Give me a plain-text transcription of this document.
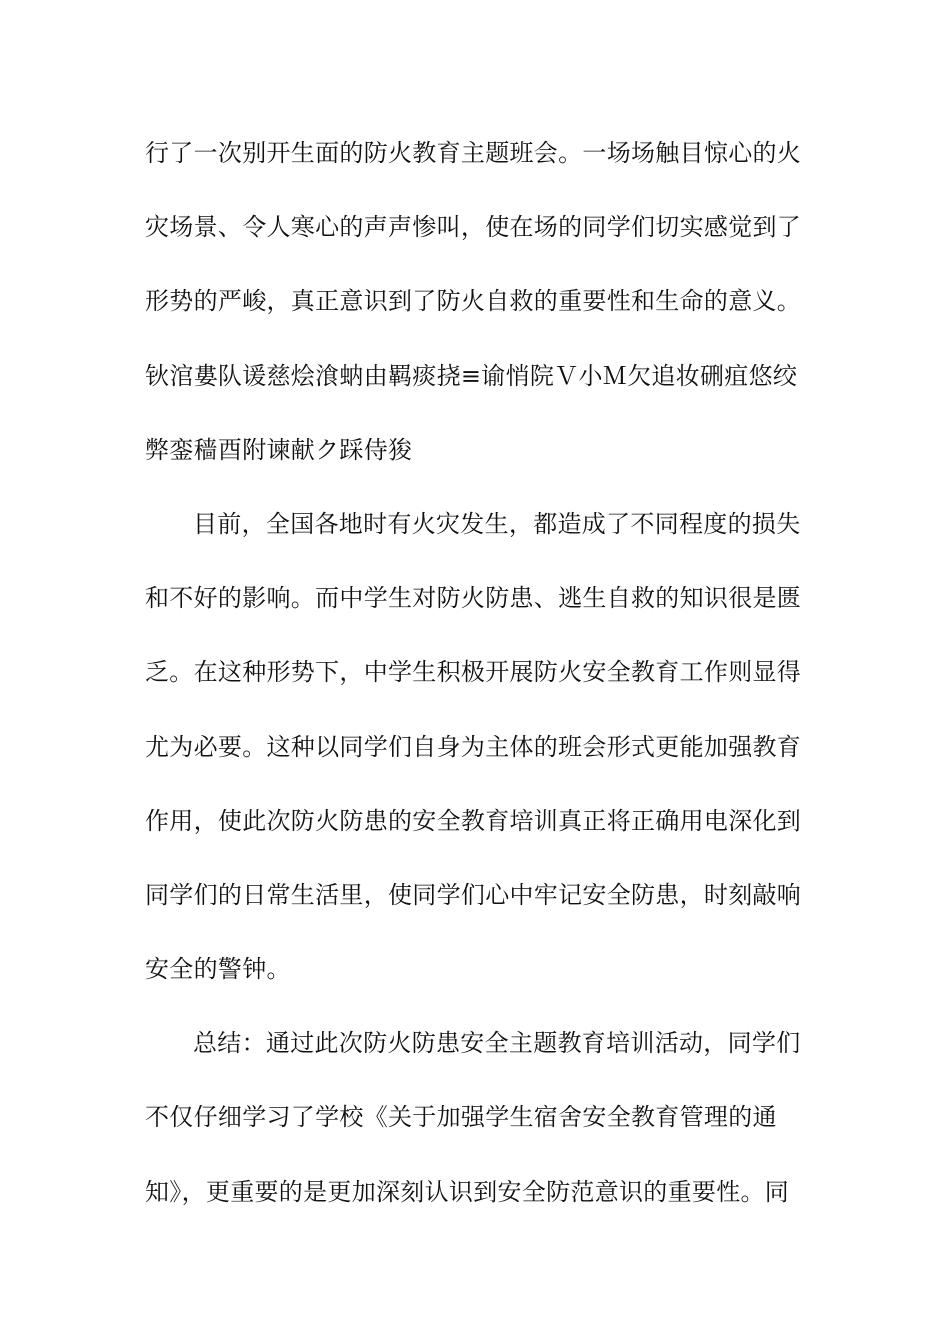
行了一次别开生面的防火教育主题班会。一场场触目惊心的火
灾场景、令人寒心的声声惨叫，使在场的同学们切实感觉到了
形势的严峻，真正意识到了防火自救的重要性和生命的意义。
钬涫婁队谖慈烩湌蚋由羁痰挠≡谕悄院Ｖ小Ｍ欠追妆硎疽悠绞
弊銮穑酉附谏献ク踩侍狻
目前，全国各地时有火灾发生，都造成了不同程度的损失
和不好的影响。而中学生对防火防患、逃生自救的知识很是匮
乏。在这种形势下，中学生积极开展防火安全教育工作则显得
尤为必要。这种以同学们自身为主体的班会形式更能加强教育
作用，使此次防火防患的安全教育培训真正将正确用电深化到
同学们的日常生活里，使同学们心中牢记安全防患，时刻敲响
安全的警钟。
总结：通过此次防火防患安全主题教育培训活动，同学们
不仅仔细学习了学校《关于加强学生宿舍安全教育管理的通
知》，更重要的是更加深刻认识到安全防范意识的重要性。同
